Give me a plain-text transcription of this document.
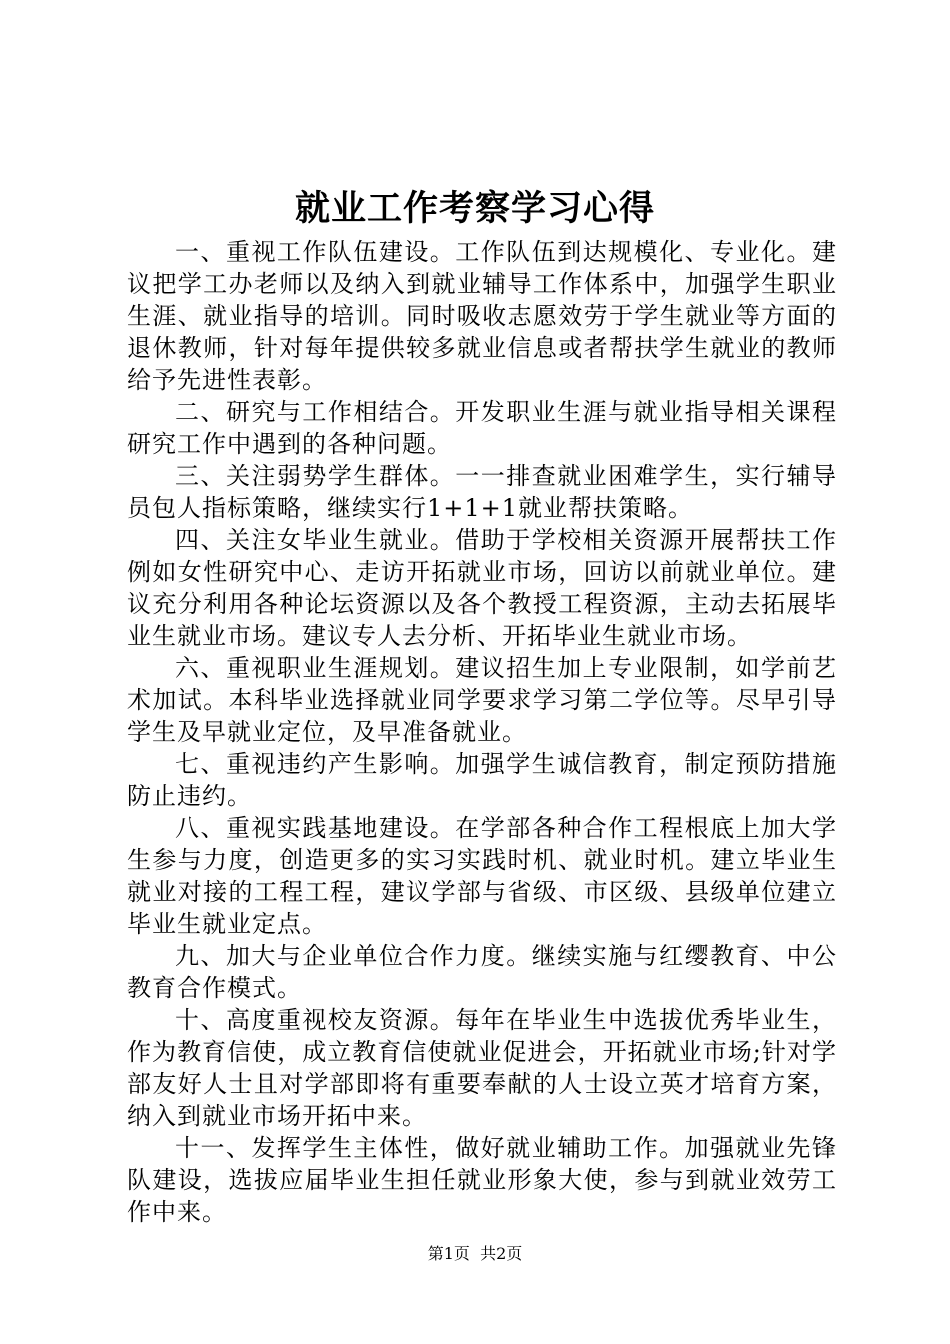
就业工作考察学习心得

一、重视工作队伍建设。工作队伍到达规模化、专业化。建议把学工办老师以及纳入到就业辅导工作体系中，加强学生职业生涯、就业指导的培训。同时吸收志愿效劳于学生就业等方面的退休教师，针对每年提供较多就业信息或者帮扶学生就业的教师给予先进性表彰。

二、研究与工作相结合。开发职业生涯与就业指导相关课程研究工作中遇到的各种问题。

三、关注弱势学生群体。一一排查就业困难学生，实行辅导员包人指标策略，继续实行1+1+1就业帮扶策略。

四、关注女毕业生就业。借助于学校相关资源开展帮扶工作例如女性研究中心、走访开拓就业市场，回访以前就业单位。建议充分利用各种论坛资源以及各个教授工程资源，主动去拓展毕业生就业市场。建议专人去分析、开拓毕业生就业市场。

六、重视职业生涯规划。建议招生加上专业限制，如学前艺术加试。本科毕业选择就业同学要求学习第二学位等。尽早引导学生及早就业定位，及早准备就业。

七、重视违约产生影响。加强学生诚信教育，制定预防措施防止违约。

八、重视实践基地建设。在学部各种合作工程根底上加大学生参与力度，创造更多的实习实践时机、就业时机。建立毕业生就业对接的工程工程，建议学部与省级、市区级、县级单位建立毕业生就业定点。

九、加大与企业单位合作力度。继续实施与红缨教育、中公教育合作模式。

十、高度重视校友资源。每年在毕业生中选拔优秀毕业生，作为教育信使，成立教育信使就业促进会，开拓就业市场;针对学部友好人士且对学部即将有重要奉献的人士设立英才培育方案，纳入到就业市场开拓中来。

十一、发挥学生主体性，做好就业辅助工作。加强就业先锋队建设，选拔应届毕业生担任就业形象大使，参与到就业效劳工作中来。

第1页  共2页
